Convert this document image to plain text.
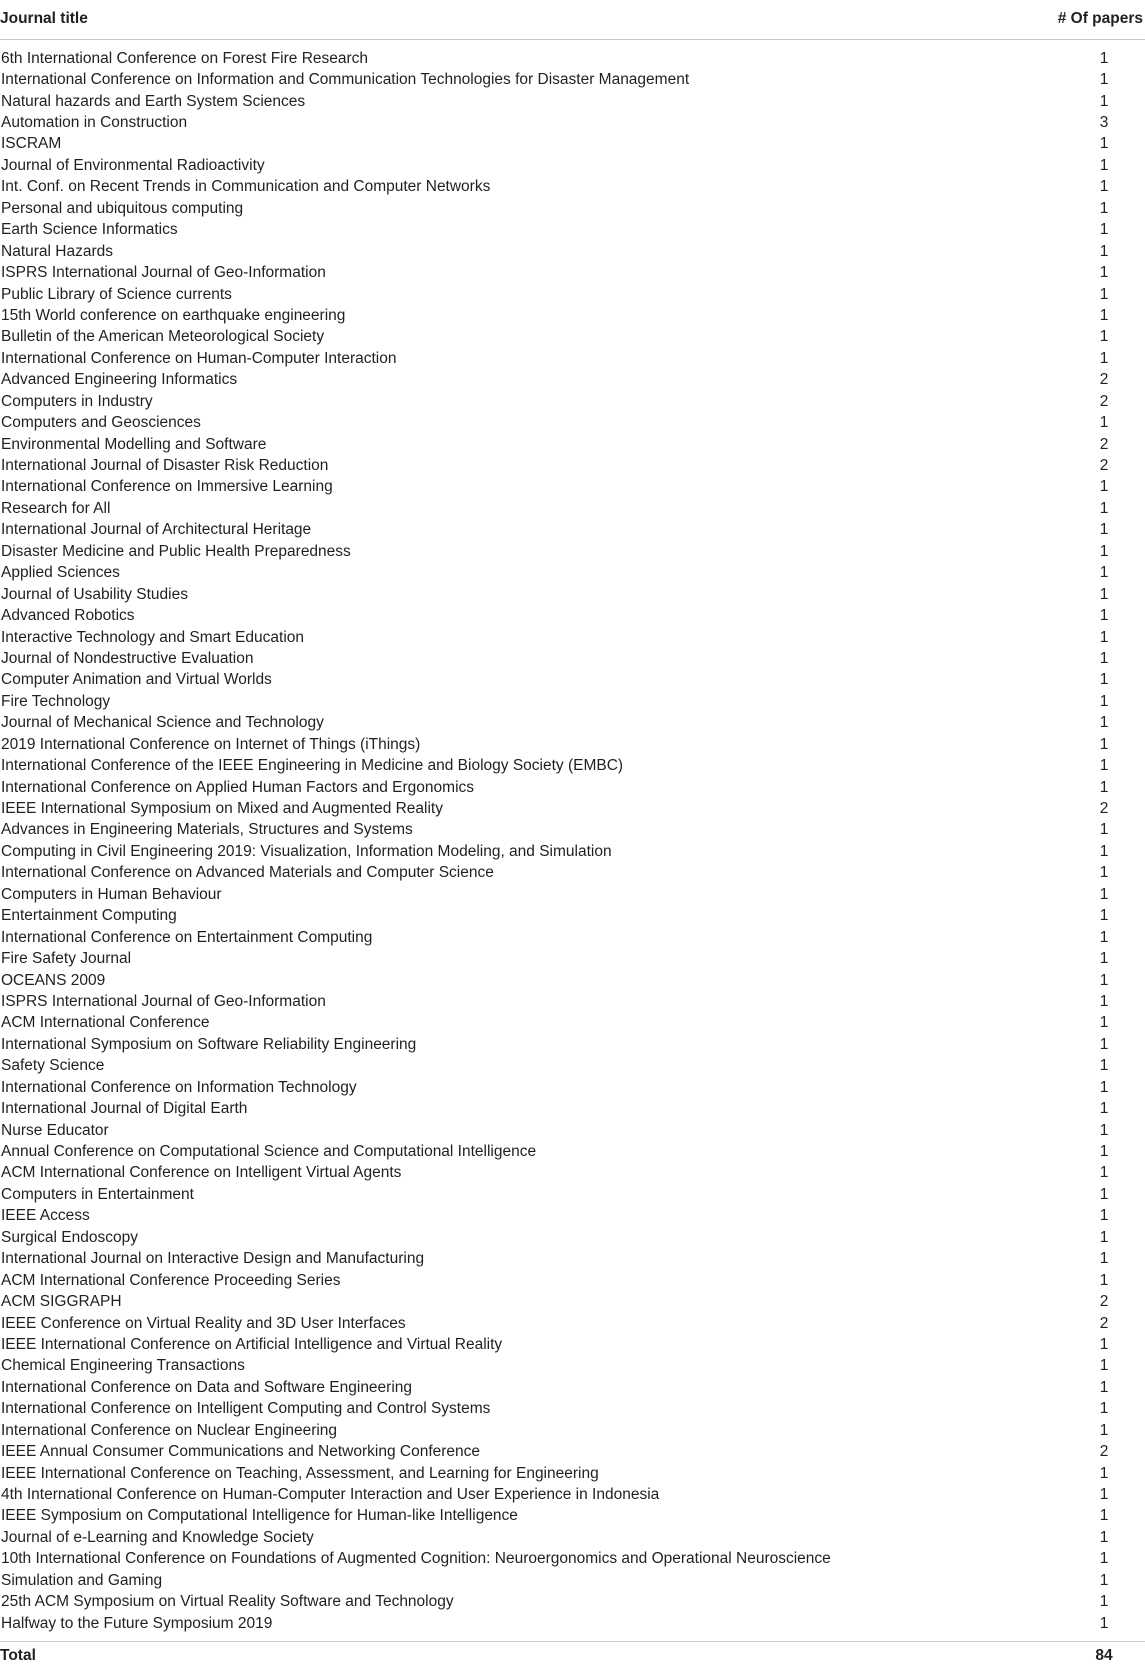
Journal title	# Of papers
6th International Conference on Forest Fire Research	1
International Conference on Information and Communication Technologies for Disaster Management	1
Natural hazards and Earth System Sciences	1
Automation in Construction	3
ISCRAM	1
Journal of Environmental Radioactivity	1
Int. Conf. on Recent Trends in Communication and Computer Networks	1
Personal and ubiquitous computing	1
Earth Science Informatics	1
Natural Hazards	1
ISPRS International Journal of Geo-Information	1
Public Library of Science currents	1
15th World conference on earthquake engineering	1
Bulletin of the American Meteorological Society	1
International Conference on Human-Computer Interaction	1
Advanced Engineering Informatics	2
Computers in Industry	2
Computers and Geosciences	1
Environmental Modelling and Software	2
International Journal of Disaster Risk Reduction	2
International Conference on Immersive Learning	1
Research for All	1
International Journal of Architectural Heritage	1
Disaster Medicine and Public Health Preparedness	1
Applied Sciences	1
Journal of Usability Studies	1
Advanced Robotics	1
Interactive Technology and Smart Education	1
Journal of Nondestructive Evaluation	1
Computer Animation and Virtual Worlds	1
Fire Technology	1
Journal of Mechanical Science and Technology	1
2019 International Conference on Internet of Things (iThings)	1
International Conference of the IEEE Engineering in Medicine and Biology Society (EMBC)	1
International Conference on Applied Human Factors and Ergonomics	1
IEEE International Symposium on Mixed and Augmented Reality	2
Advances in Engineering Materials, Structures and Systems	1
Computing in Civil Engineering 2019: Visualization, Information Modeling, and Simulation	1
International Conference on Advanced Materials and Computer Science	1
Computers in Human Behaviour	1
Entertainment Computing	1
International Conference on Entertainment Computing	1
Fire Safety Journal	1
OCEANS 2009	1
ISPRS International Journal of Geo-Information	1
ACM International Conference	1
International Symposium on Software Reliability Engineering	1
Safety Science	1
International Conference on Information Technology	1
International Journal of Digital Earth	1
Nurse Educator	1
Annual Conference on Computational Science and Computational Intelligence	1
ACM International Conference on Intelligent Virtual Agents	1
Computers in Entertainment	1
IEEE Access	1
Surgical Endoscopy	1
International Journal on Interactive Design and Manufacturing	1
ACM International Conference Proceeding Series	1
ACM SIGGRAPH	2
IEEE Conference on Virtual Reality and 3D User Interfaces	2
IEEE International Conference on Artificial Intelligence and Virtual Reality	1
Chemical Engineering Transactions	1
International Conference on Data and Software Engineering	1
International Conference on Intelligent Computing and Control Systems	1
International Conference on Nuclear Engineering	1
IEEE Annual Consumer Communications and Networking Conference	2
IEEE International Conference on Teaching, Assessment, and Learning for Engineering	1
4th International Conference on Human-Computer Interaction and User Experience in Indonesia	1
IEEE Symposium on Computational Intelligence for Human-like Intelligence	1
Journal of e-Learning and Knowledge Society	1
10th International Conference on Foundations of Augmented Cognition: Neuroergonomics and Operational Neuroscience	1
Simulation and Gaming	1
25th ACM Symposium on Virtual Reality Software and Technology	1
Halfway to the Future Symposium 2019	1
Total	84
